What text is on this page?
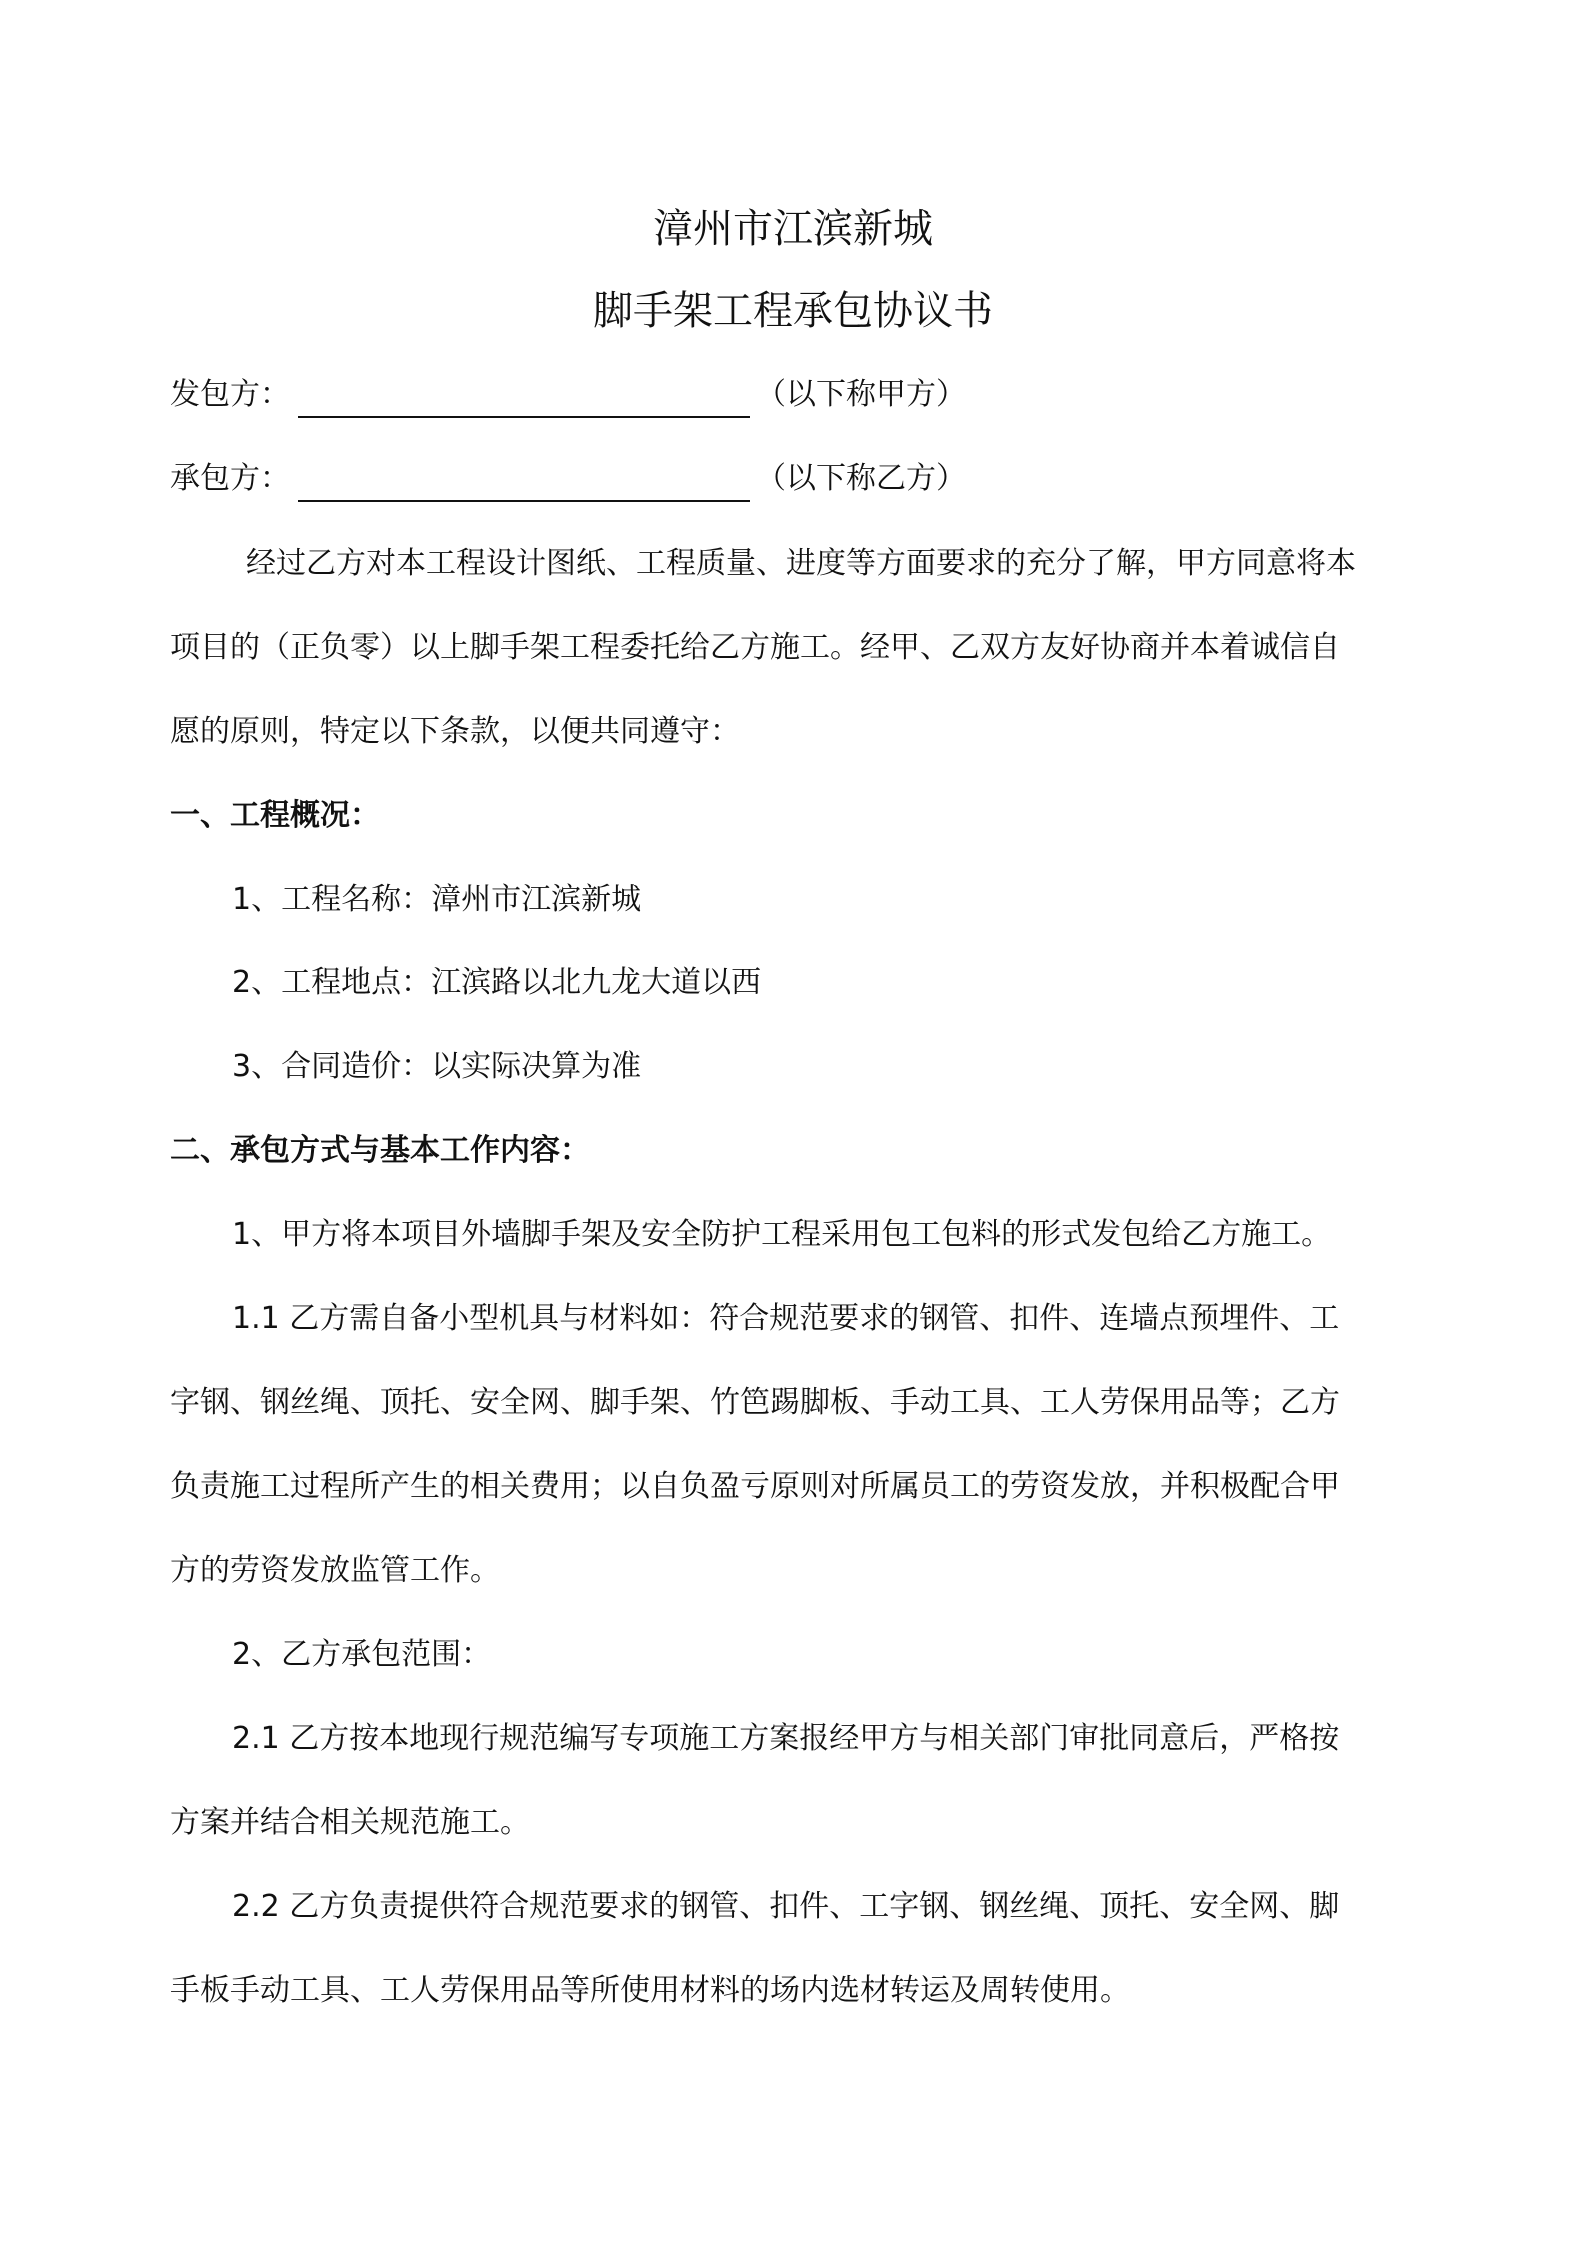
漳州市江滨新城
脚手架工程承包协议书
发包方：	（以下称甲方）
承包方：	（以下称乙方）
经过乙方对本工程设计图纸、工程质量、进度等方面要求的充分了解，甲方同意将本
项目的（正负零）以上脚手架工程委托给乙方施工。经甲、乙双方友好协商并本着诚信自
愿的原则，特定以下条款，以便共同遵守：
一、工程概况：
1、工程名称：漳州市江滨新城
2、工程地点：江滨路以北九龙大道以西
3、合同造价：以实际决算为准
二、承包方式与基本工作内容：
1、甲方将本项目外墙脚手架及安全防护工程采用包工包料的形式发包给乙方施工。
1.1 乙方需自备小型机具与材料如：符合规范要求的钢管、扣件、连墙点预埋件、工
字钢、钢丝绳、顶托、安全网、脚手架、竹笆踢脚板、手动工具、工人劳保用品等；乙方
负责施工过程所产生的相关费用；以自负盈亏原则对所属员工的劳资发放，并积极配合甲
方的劳资发放监管工作。
2、乙方承包范围：
2.1 乙方按本地现行规范编写专项施工方案报经甲方与相关部门审批同意后，严格按
方案并结合相关规范施工。
2.2 乙方负责提供符合规范要求的钢管、扣件、工字钢、钢丝绳、顶托、安全网、脚
手板手动工具、工人劳保用品等所使用材料的场内选材转运及周转使用。
